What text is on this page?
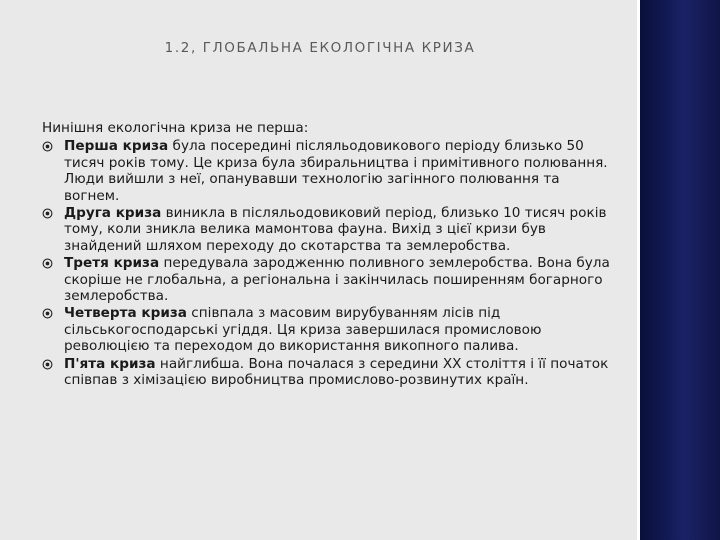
1.2, ГЛОБАЛЬНА ЕКОЛОГІЧНА КРИЗА

Нинішня екологічна криза не перша:

Перша криза була посередині післяльодовикового періоду близько 50 тисяч років тому. Це криза була збиральництва і примітивного полювання. Люди вийшли з неї, опанувавши технологію загінного полювання та вогнем.
Друга криза виникла в післяльодовиковий період, близько 10 тисяч років тому, коли зникла велика мамонтова фауна. Вихід з цієї кризи був знайдений шляхом переходу до скотарства та землеробства.
Третя криза передувала зародженню поливного землеробства. Вона була скоріше не глобальна, а регіональна і закінчилась поширенням богарного землеробства.
Четверта криза співпала з масовим вирубуванням лісів під сільськогосподарські угіддя. Ця криза завершилася промисловою революцією та переходом до використання викопного палива.
П'ята криза найглибша. Вона почалася з середини XX століття і її початок співпав з хімізацією виробництва промислово-розвинутих країн.
